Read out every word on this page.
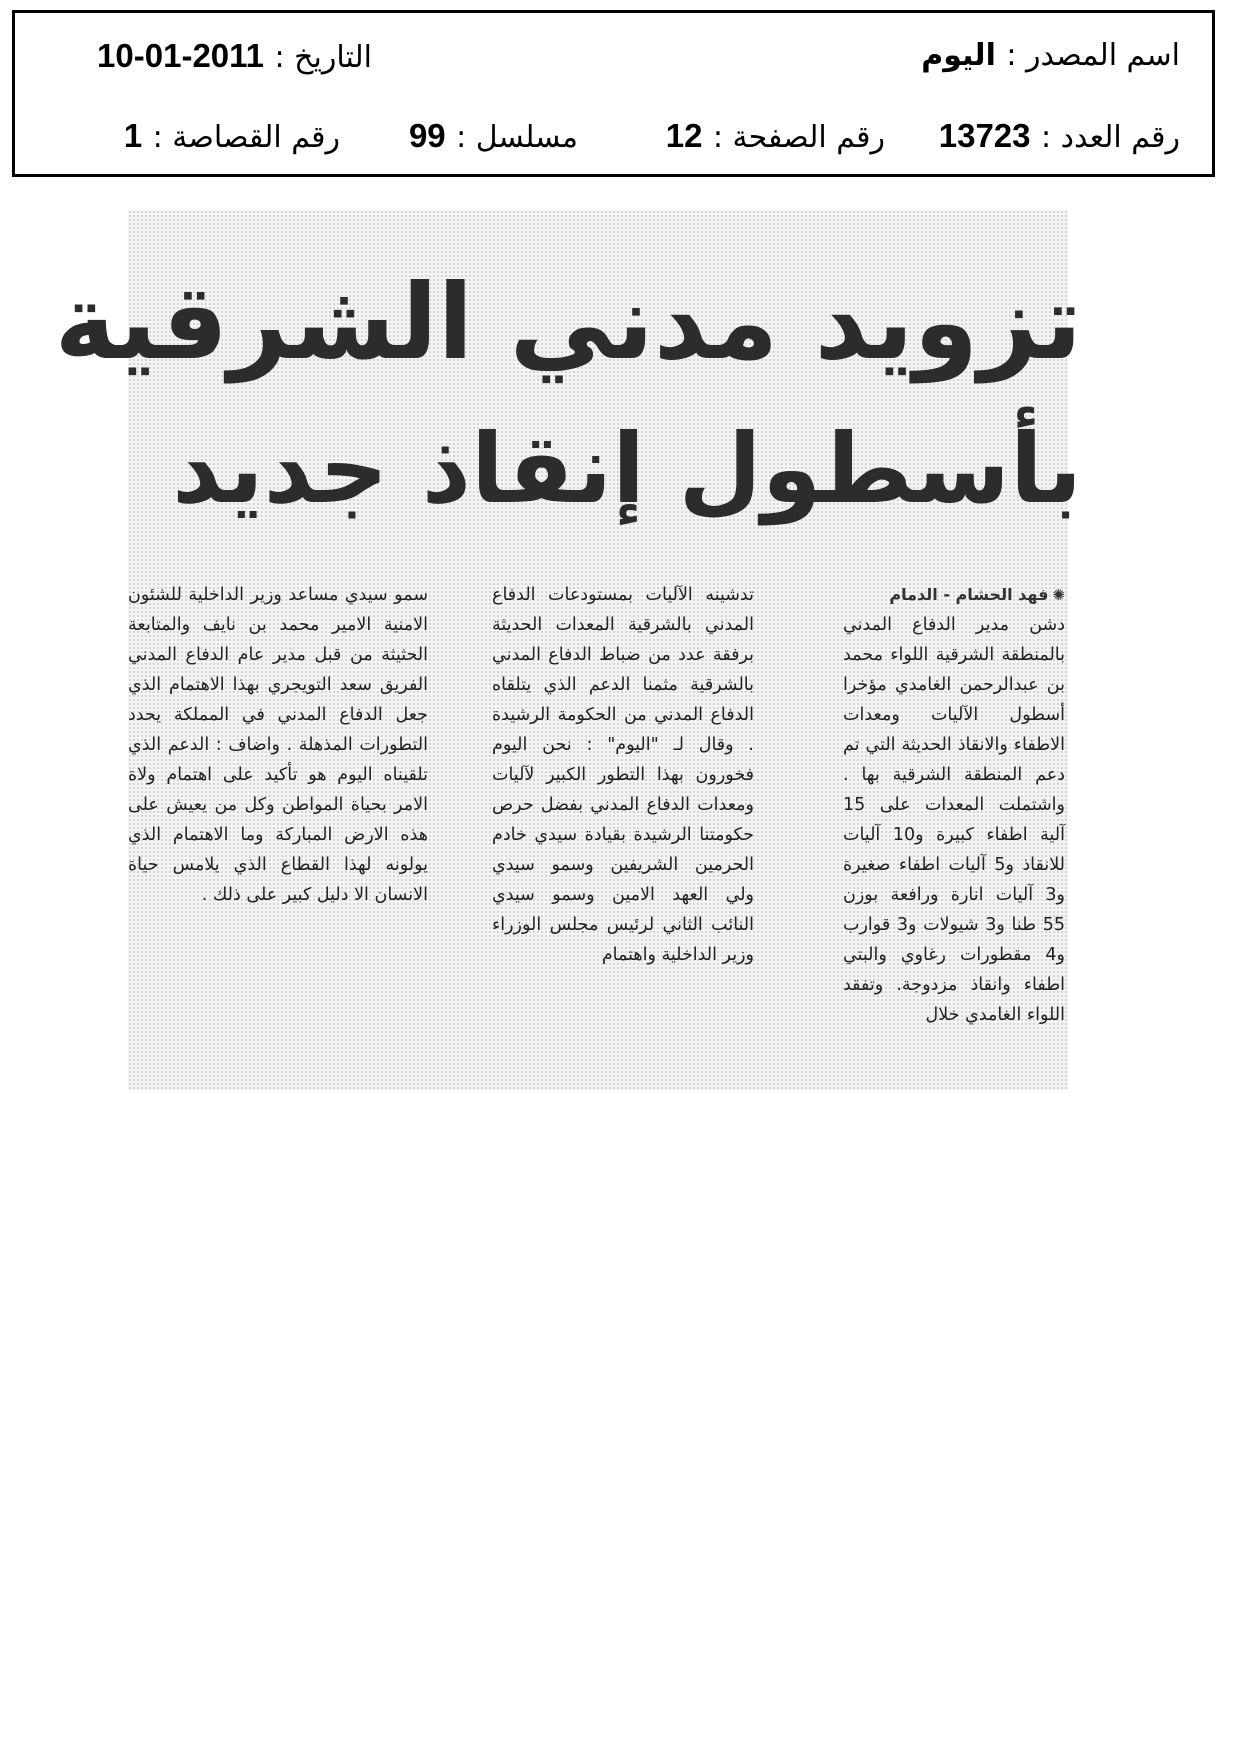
اسم المصدر : اليوم
التاريخ : 2011-01-10
رقم العدد : 13723
رقم الصفحة : 12
مسلسل : 99
رقم القصاصة : 1
تزويد مدني الشرقية
بأسطول إنقاذ جديد
✺فهد الحشام - الدمام

دشن مدير الدفاع المدني بالمنطقة الشرقية اللواء محمد بن عبدالرحمن الغامدي مؤخرا أسطول الآليات ومعدات الاطفاء والانقاذ الحديثة التي تم دعم المنطقة الشرقية بها . واشتملت المعدات على 15 آلية اطفاء كبيرة و10 آليات للانقاذ و5 آليات اطفاء صغيرة و3 آليات انارة ورافعة بوزن 55 طنا و3 شيولات و3 قوارب و4 مقطورات رغاوي والبتي اطفاء وانقاذ مزدوجة. وتفقد اللواء الغامدي خلال

تدشينه الآليات بمستودعات الدفاع المدني بالشرقية المعدات الحديثة برفقة عدد من ضباط الدفاع المدني بالشرقية مثمنا الدعم الذي يتلقاه الدفاع المدني من الحكومة الرشيدة . وقال لـ "اليوم" : نحن اليوم فخورون بهذا التطور الكبير لآليات ومعدات الدفاع المدني بفضل حرص حكومتنا الرشيدة بقيادة سيدي خادم الحرمين الشريفين وسمو سيدي ولي العهد الامين وسمو سيدي النائب الثاني لرئيس مجلس الوزراء وزير الداخلية واهتمام

سمو سيدي مساعد وزير الداخلية للشئون الامنية الامير محمد بن نايف والمتابعة الحثيثة من قبل مدير عام الدفاع المدني الفريق سعد التويجري بهذا الاهتمام الذي جعل الدفاع المدني في المملكة يحدد التطورات المذهلة . واضاف : الدعم الذي تلقيناه اليوم هو تأكيد على اهتمام ولاة الامر بحياة المواطن وكل من يعيش على هذه الارض المباركة وما الاهتمام الذي يولونه لهذا القطاع الذي يلامس حياة الانسان الا دليل كبير على ذلك .
